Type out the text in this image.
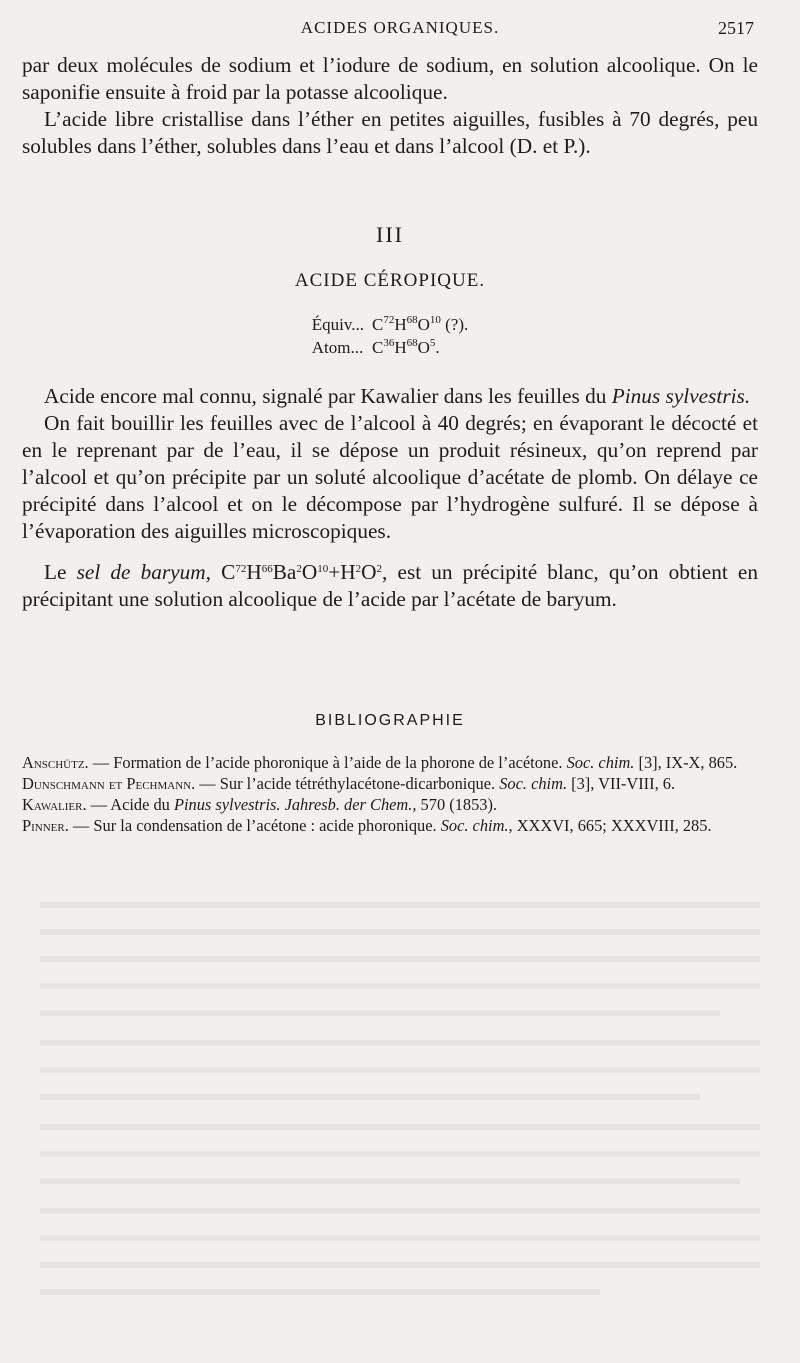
ACIDES ORGANIQUES.	2517

par deux molécules de sodium et l’iodure de sodium, en solution alcoolique. On le saponifie ensuite à froid par la potasse alcoolique.

L’acide libre cristallise dans l’éther en petites aiguilles, fusibles à 70 degrés, peu solubles dans l’éther, solubles dans l’eau et dans l’alcool (D. et P.).

III
ACIDE CÉROPIQUE.
Équiv...	$C^{72}H^{68}O^{10}$ (?).
Atom...	$C^{36}H^{68}O^5$.

Acide encore mal connu, signalé par Kawalier dans les feuilles du Pinus sylvestris.

On fait bouillir les feuilles avec de l’alcool à 40 degrés; en évaporant le décocté et en le reprenant par de l’eau, il se dépose un produit résineux, qu’on reprend par l’alcool et qu’on précipite par un soluté alcoolique d’acétate de plomb. On délaye ce précipité dans l’alcool et on le décompose par l’hydrogène sulfuré. Il se dépose à l’évaporation des aiguilles microscopiques.

Le sel de baryum, $C^{72}H^{66}Ba^2O^{10}+H^2O^2$, est un précipité blanc, qu’on obtient en précipitant une solution alcoolique de l’acide par l’acétate de baryum.

BIBLIOGRAPHIE

Anschütz. — Formation de l’acide phoronique à l’aide de la phorone de l’acétone. Soc. chim. [3], IX-X, 865.

Dunschmann et Pechmann. — Sur l’acide tétréthylacétone-dicarbonique. Soc. chim. [3], VII-VIII, 6.

Kawalier. — Acide du Pinus sylvestris. Jahresb. der Chem., 570 (1853).

Pinner. — Sur la condensation de l’acétone : acide phoronique. Soc. chim., XXXVI, 665; XXXVIII, 285.
